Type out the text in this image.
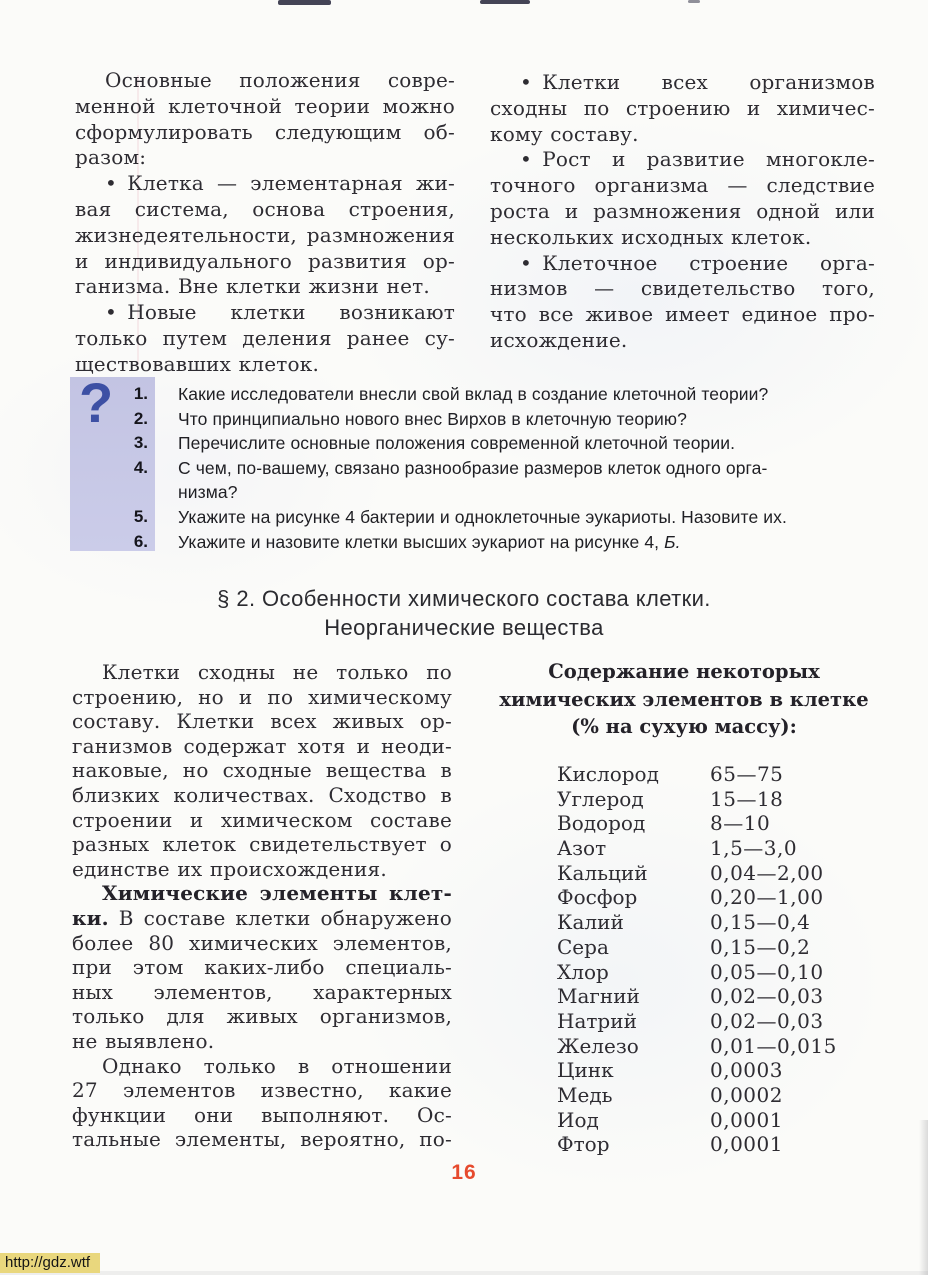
Основные положения совре-
менной клеточной теории можно
сформулировать следующим об-
разом:
• Клетка — элементарная жи-
вая система, основа строения,
жизнедеятельности, размножения
и индивидуального развития ор-
ганизма. Вне клетки жизни нет.
• Новые клетки возникают
только путем деления ранее су-
ществовавших клеток.
• Клетки всех организмов
сходны по строению и химичес-
кому составу.
• Рост и развитие многокле-
точного организма — следствие
роста и размножения одной или
нескольких исходных клеток.
• Клеточное строение орга-
низмов — свидетельство того,
что все живое имеет единое про-
исхождение.
?	1. Какие исследователи внесли свой вклад в создание клеточной теории?
2. Что принципиально нового внес Вирхов в клеточную теорию?
3. Перечислите основные положения современной клеточной теории.
4. С чем, по-вашему, связано разнообразие размеров клеток одного орга-
низма?
5. Укажите на рисунке 4 бактерии и одноклеточные эукариоты. Назовите их.
6. Укажите и назовите клетки высших эукариот на рисунке 4, Б.
§ 2. Особенности химического состава клетки.
Неорганические вещества
Клетки сходны не только по
строению, но и по химическому
составу. Клетки всех живых ор-
ганизмов содержат хотя и неоди-
наковые, но сходные вещества в
близких количествах. Сходство в
строении и химическом составе
разных клеток свидетельствует о
единстве их происхождения.
Химические элементы клет-
ки. В составе клетки обнаружено
более 80 химических элементов,
при этом каких-либо специаль-
ных элементов, характерных
только для живых организмов,
не выявлено.
Однако только в отношении
27 элементов известно, какие
функции они выполняют. Ос-
тальные элементы, вероятно, по-
Содержание некоторых
химических элементов в клетке
(% на сухую массу):
Кислород	65—75
Углерод	15—18
Водород	8—10
Азот	1,5—3,0
Кальций	0,04—2,00
Фосфор	0,20—1,00
Калий	0,15—0,4
Сера	0,15—0,2
Хлор	0,05—0,10
Магний	0,02—0,03
Натрий	0,02—0,03
Железо	0,01—0,015
Цинк	0,0003
Медь	0,0002
Иод	0,0001
Фтор	0,0001
16
http://gdz.wtf
